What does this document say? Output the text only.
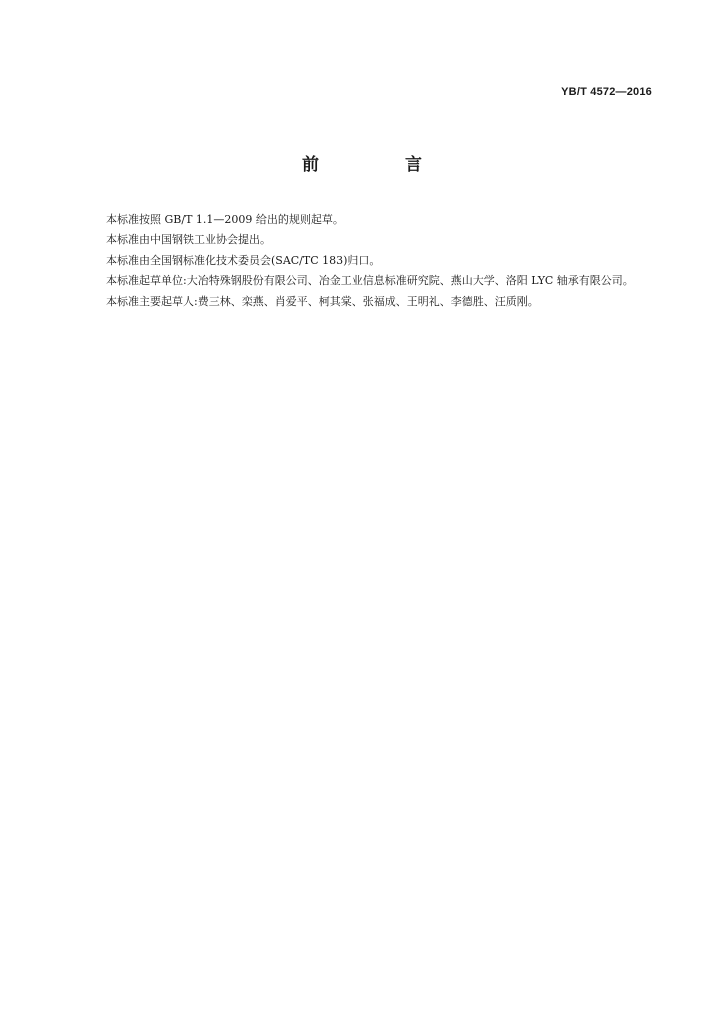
YB/T 4572—2016
前 言

本标准按照 GB/T 1.1—2009 给出的规则起草。

本标准由中国钢铁工业协会提出。

本标准由全国钢标准化技术委员会(SAC/TC 183)归口。

本标准起草单位:大冶特殊钢股份有限公司、冶金工业信息标准研究院、燕山大学、洛阳 LYC 轴承有限公司。

本标准主要起草人:费三林、栾燕、肖爱平、柯其棠、张福成、王明礼、李德胜、汪质刚。
